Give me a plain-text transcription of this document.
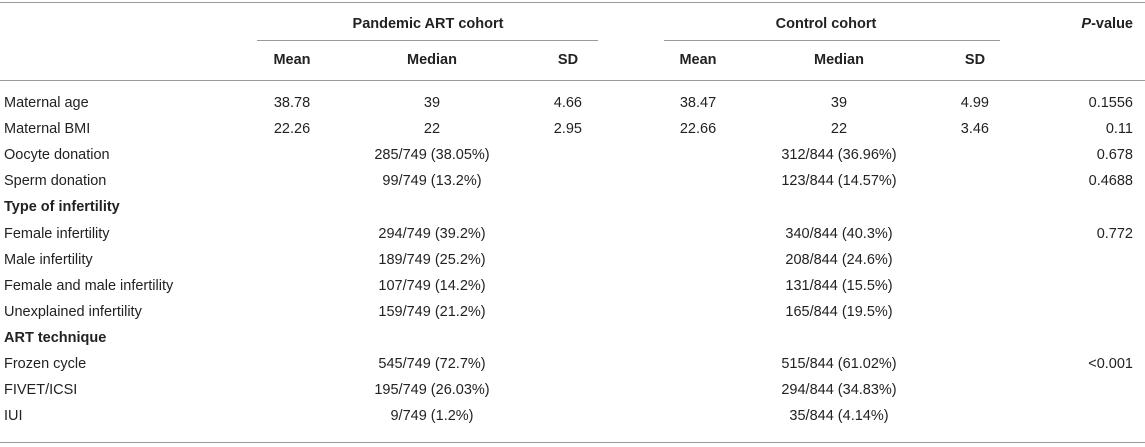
Pandemic ART cohort	Control cohort	P-value
Mean	Median	SD	Mean	Median	SD
Maternal age	38.78	39	4.66	38.47	39	4.99	0.1556
Maternal BMI	22.26	22	2.95	22.66	22	3.46	0.11
Oocyte donation	285/749 (38.05%)	312/844 (36.96%)	0.678
Sperm donation	99/749 (13.2%)	123/844 (14.57%)	0.4688
Type of infertility
Female infertility	294/749 (39.2%)	340/844 (40.3%)	0.772
Male infertility	189/749 (25.2%)	208/844 (24.6%)
Female and male infertility	107/749 (14.2%)	131/844 (15.5%)
Unexplained infertility	159/749 (21.2%)	165/844 (19.5%)
ART technique
Frozen cycle	545/749 (72.7%)	515/844 (61.02%)	<0.001
FIVET/ICSI	195/749 (26.03%)	294/844 (34.83%)
IUI	9/749 (1.2%)	35/844 (4.14%)
